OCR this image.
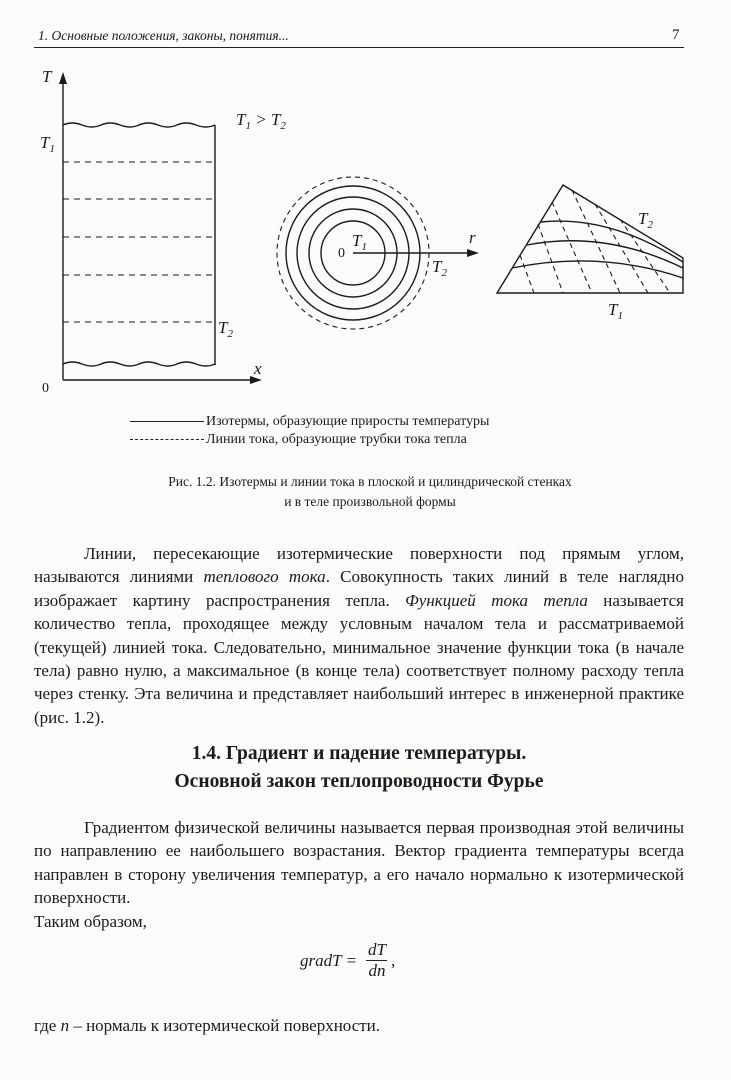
1. Основные положения, законы, понятия...	7
T
x
$T_1$
$T_2$
$T_1 > T_2$
$T_1$
$T_2$
r
$T_2$
$T_1$
0
0
Изотермы, образующие приросты температуры
Линии тока, образующие трубки тока тепла
Рис. 1.2. Изотермы и линии тока в плоской и цилиндрической стенках
и в теле произвольной формы

Линии, пересекающие изотермические поверхности под прямым углом, называются линиями теплового тока. Совокупность таких линий в теле наглядно изображает картину распространения тепла. Функцией тока тепла называется количество тепла, проходящее между условным началом тела и рассматриваемой (текущей) линией тока. Следовательно, минимальное значение функции тока (в начале тела) равно нулю, а максимальное (в конце тела) соответствует полному расходу тепла через стенку. Эта величина и представляет наибольший интерес в инженерной практике (рис. 1.2).

1.4. Градиент и падение температуры.
Основной закон теплопроводности Фурье

Градиентом физической величины называется первая производная этой величины по направлению ее наибольшего возрастания. Вектор градиента температуры всегда направлен в сторону увеличения температур, а его начало нормально к изотермической поверхности.

Таким образом,

gradT = $\frac{dT}{dn}$ ,

где n – нормаль к изотермической поверхности.
